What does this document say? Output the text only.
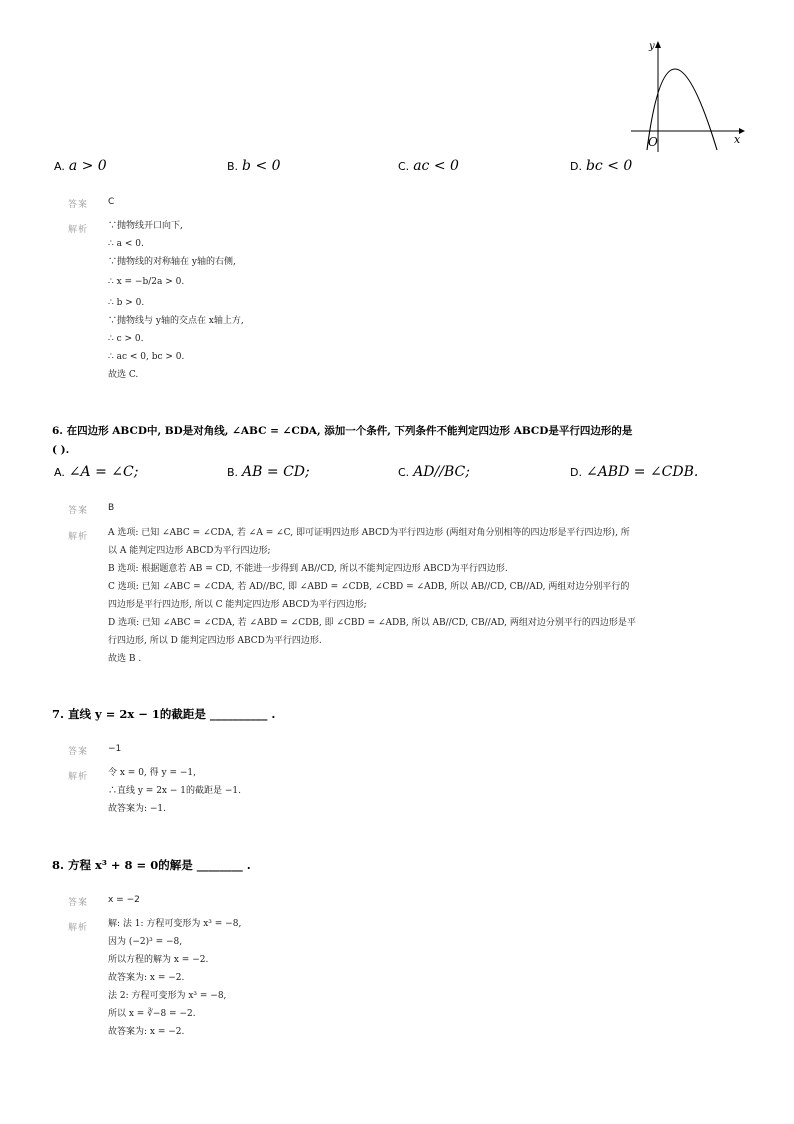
y
x
O
A. a > 0	B. b < 0	C. ac < 0	D. bc < 0
答案 C
解析 ∵抛物线开口向下,
∴ a < 0.
∵抛物线的对称轴在 y轴的右侧,
∴ x = −b/2a > 0.
∴ b > 0.
∵抛物线与 y轴的交点在 x轴上方,
∴ c > 0.
∴ ac < 0, bc > 0.
故选 C.
6. 在四边形 ABCD中, BD是对角线, ∠ABC = ∠CDA, 添加一个条件, 下列条件不能判定四边形 ABCD是平行四边形的是
( ).
A. ∠A = ∠C;	B. AB = CD;	C. AD//BC;	D. ∠ABD = ∠CDB.
答案 B
解析 A 选项: 已知 ∠ABC = ∠CDA, 若 ∠A = ∠C, 即可证明四边形 ABCD为平行四边形 (两组对角分别相等的四边形是平行四边形), 所
以 A 能判定四边形 ABCD为平行四边形;
B 选项: 根据题意若 AB = CD, 不能进一步得到 AB//CD, 所以不能判定四边形 ABCD为平行四边形.
C 选项: 已知 ∠ABC = ∠CDA, 若 AD//BC, 即 ∠ABD = ∠CDB, ∠CBD = ∠ADB, 所以 AB//CD, CB//AD, 两组对边分别平行的
四边形是平行四边形, 所以 C 能判定四边形 ABCD为平行四边形;
D 选项: 已知 ∠ABC = ∠CDA, 若 ∠ABD = ∠CDB, 即 ∠CBD = ∠ADB, 所以 AB//CD, CB//AD, 两组对边分别平行的四边形是平
行四边形, 所以 D 能判定四边形 ABCD为平行四边形.
故选 B .
7. 直线 y = 2x − 1的截距是 __________ .
答案 −1
解析 令 x = 0, 得 y = −1,
∴直线 y = 2x − 1的截距是 −1.
故答案为: −1.
8. 方程 x³ + 8 = 0的解是 ________ .
答案 x = −2
解析 解: 法 1: 方程可变形为 x³ = −8,
因为 (−2)³ = −8,
所以方程的解为 x = −2.
故答案为: x = −2.
法 2: 方程可变形为 x³ = −8,
所以 x = ∛−8 = −2.
故答案为: x = −2.
